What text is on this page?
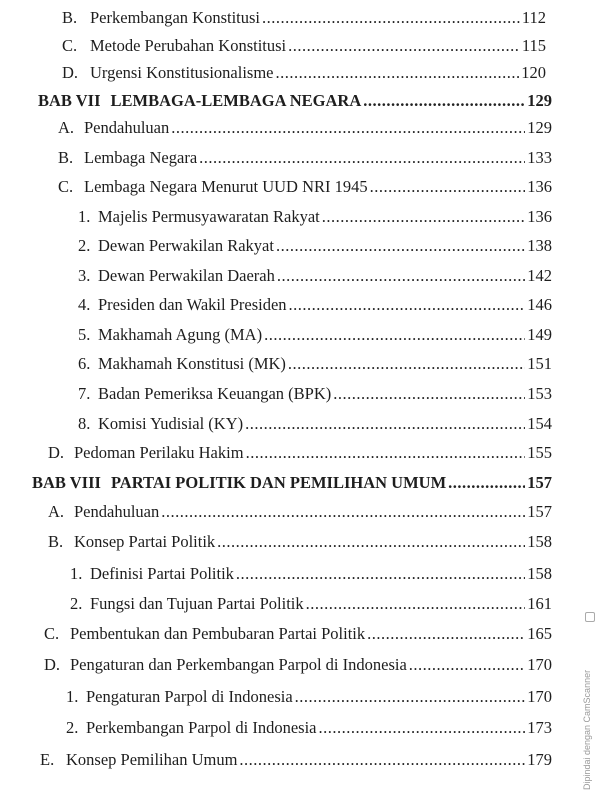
B. Perkembangan Konstitusi .....	112
C. Metode Perubahan Konstitusi .....	115
D. Urgensi Konstitusionalisme .....	120
BAB VII LEMBAGA-LEMBAGA NEGARA .....	129
A. Pendahuluan .....	129
B. Lembaga Negara .....	133
C. Lembaga Negara Menurut UUD NRI 1945 .....	136
1. Majelis Permusyawaratan Rakyat .....	136
2. Dewan Perwakilan Rakyat .....	138
3. Dewan Perwakilan Daerah .....	142
4. Presiden dan Wakil Presiden .....	146
5. Makhamah Agung (MA) .....	149
6. Makhamah Konstitusi (MK) .....	151
7. Badan Pemeriksa Keuangan (BPK) .....	153
8. Komisi Yudisial (KY) .....	154
D. Pedoman Perilaku Hakim .....	155
BAB VIII PARTAI POLITIK DAN PEMILIHAN UMUM .....	157
A. Pendahuluan .....	157
B. Konsep Partai Politik .....	158
1. Definisi Partai Politik .....	158
2. Fungsi dan Tujuan Partai Politik .....	161
C. Pembentukan dan Pembubaran Partai Politik .....	165
D. Pengaturan dan Perkembangan Parpol di Indonesia .....	170
1. Pengaturan Parpol di Indonesia .....	170
2. Perkembangan Parpol di Indonesia .....	173
E. Konsep Pemilihan Umum .....	179	Dipindai dengan CamScanner
